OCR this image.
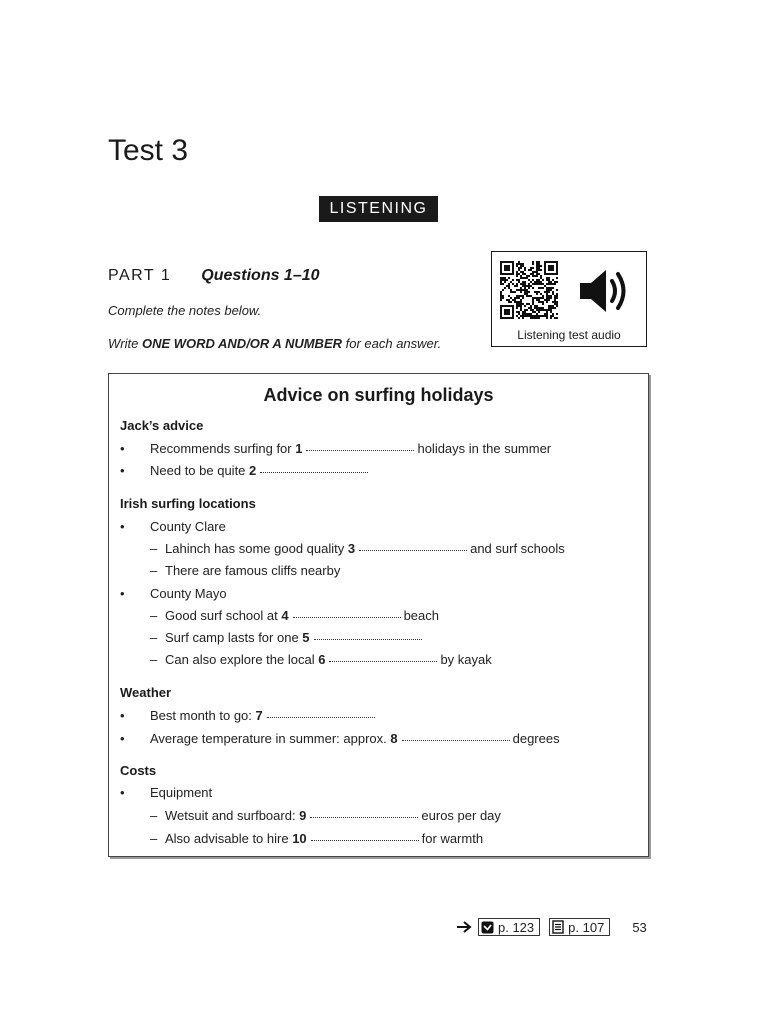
Test 3
LISTENING
PART 1 Questions 1–10
Complete the notes below.
Write ONE WORD AND/OR A NUMBER for each answer.
Listening test audio
Advice on surfing holidays
Jack’s advice
• Recommends surfing for 1	holidays in the summer
• Need to be quite 2
Irish surfing locations
• County Clare
– Lahinch has some good quality 3	and surf schools
– There are famous cliffs nearby
• County Mayo
– Good surf school at 4	beach
– Surf camp lasts for one 5
– Can also explore the local 6	by kayak
Weather
• Best month to go: 7
• Average temperature in summer: approx. 8	degrees
Costs
• Equipment
– Wetsuit and surfboard: 9	euros per day
– Also advisable to hire 10	for warmth
p. 123	p. 107 53
